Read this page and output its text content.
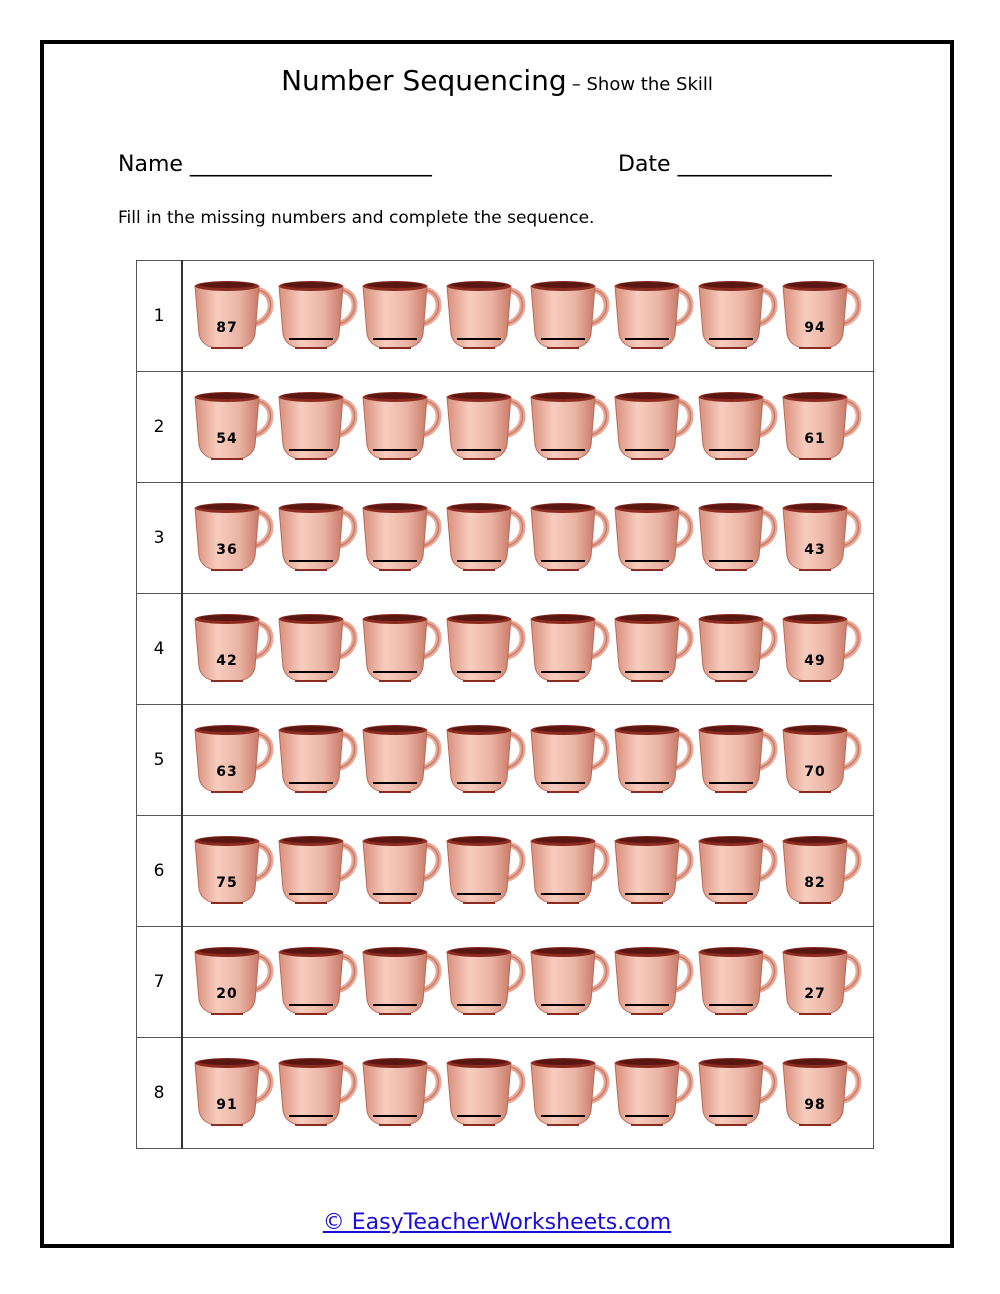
Number Sequencing – Show the Skill
Name ______________________	Date ______________
Fill in the missing numbers and complete the sequence.
1	87 94

2	54 61

3	36 43

4	42 49

5	63 70

6	75 82

7	20 27

8	91 98
© EasyTeacherWorksheets.com
